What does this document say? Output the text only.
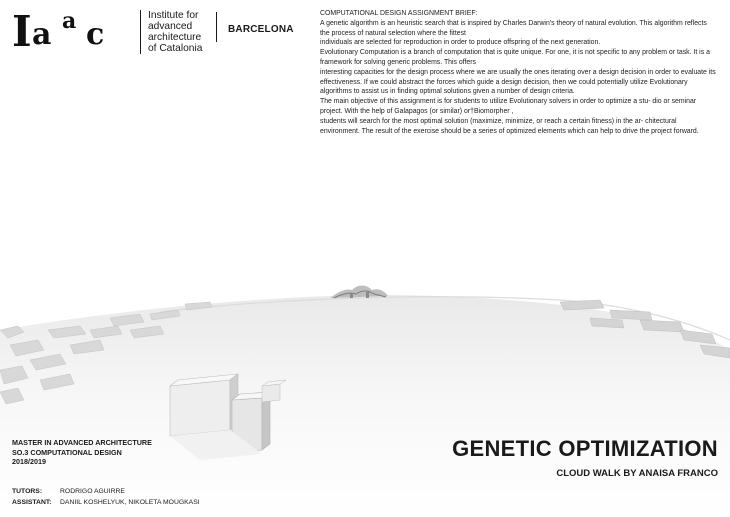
I a a c
Institute for
advanced
architecture
of Catalonia
BARCELONA

COMPUTATIONAL DESIGN ASSIGNMENT BRIEF:

A genetic algorithm is an heuristic search that is inspired by Charles Darwin's theory of natural evolution. This algorithm reflects the process of natural selection where the fittest

individuals are selected for reproduction in order to produce offspring of the next generation.

Evolutionary Computation is a branch of computation that is quite unique. For one, it is not specific to any problem or task. It is a framework for solving generic problems. This offers

interesting capacities for the design process where we are usually the ones iterating over a design decision in order to evaluate its effectiveness. If we could abstract the forces which guide a design decision, then we could potentially utilize Evolutionary algorithms to assist us in finding optimal solutions given a number of design criteria.

The main objective of this assignment is for students to utilize Evolutionary solvers in order to optimize a stu- dio or seminar project. With the help of Galapagos (or similar) or†Biomorpher ,

students will search for the most optimal solution (maximize, minimize, or reach a certain fitness) in the ar- chitectural environment. The result of the exercise should be a series of optimized elements which can help to drive the project forward.

MASTER IN ADVANCED ARCHITECTURE
SO.3 COMPUTATIONAL DESIGN
2018/2019
TUTORS:	RODRIGO AGUIRRE
ASSISTANT:	DANIIL KOSHELYUK, NIKOLETA MOUGKASI
GENETIC OPTIMIZATION
CLOUD WALK BY ANAISA FRANCO
